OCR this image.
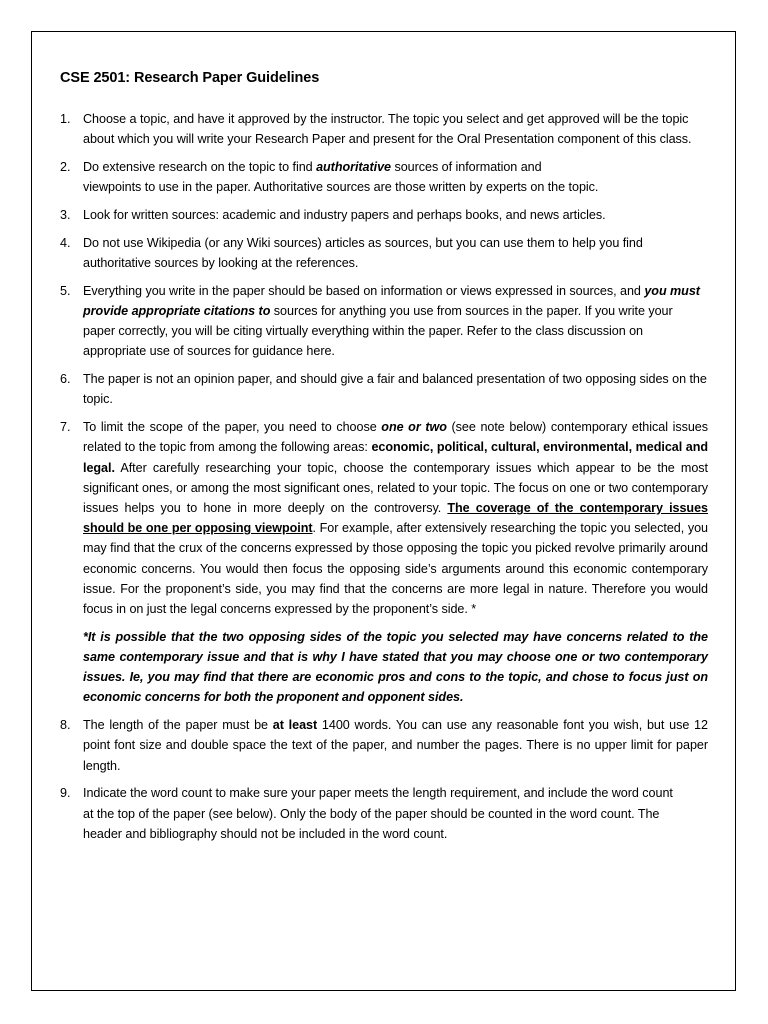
CSE 2501: Research Paper Guidelines
1. Choose a topic, and have it approved by the instructor. The topic you select and get approved will be the topic about which you will write your Research Paper and present for the Oral Presentation component of this class.
2. Do extensive research on the topic to find authoritative sources of information and viewpoints to use in the paper. Authoritative sources are those written by experts on the topic.
3. Look for written sources: academic and industry papers and perhaps books, and news articles.
4. Do not use Wikipedia (or any Wiki sources) articles as sources, but you can use them to help you find authoritative sources by looking at the references.
5. Everything you write in the paper should be based on information or views expressed in sources, and you must provide appropriate citations to sources for anything you use from sources in the paper. If you write your paper correctly, you will be citing virtually everything within the paper. Refer to the class discussion on appropriate use of sources for guidance here.
6. The paper is not an opinion paper, and should give a fair and balanced presentation of two opposing sides on the topic.
7. To limit the scope of the paper, you need to choose one or two (see note below) contemporary ethical issues related to the topic from among the following areas: economic, political, cultural, environmental, medical and legal. After carefully researching your topic, choose the contemporary issues which appear to be the most significant ones, or among the most significant ones, related to your topic. The focus on one or two contemporary issues helps you to hone in more deeply on the controversy. The coverage of the contemporary issues should be one per opposing viewpoint. For example, after extensively researching the topic you selected, you may find that the crux of the concerns expressed by those opposing the topic you picked revolve primarily around economic concerns. You would then focus the opposing side’s arguments around this economic contemporary issue. For the proponent’s side, you may find that the concerns are more legal in nature. Therefore you would focus in on just the legal concerns expressed by the proponent’s side. *
*It is possible that the two opposing sides of the topic you selected may have concerns related to the same contemporary issue and that is why I have stated that you may choose one or two contemporary issues. Ie, you may find that there are economic pros and cons to the topic, and chose to focus just on economic concerns for both the proponent and opponent sides.
8. The length of the paper must be at least 1400 words. You can use any reasonable font you wish, but use 12 point font size and double space the text of the paper, and number the pages. There is no upper limit for paper length.
9. Indicate the word count to make sure your paper meets the length requirement, and include the word count at the top of the paper (see below). Only the body of the paper should be counted in the word count. The header and bibliography should not be included in the word count.
